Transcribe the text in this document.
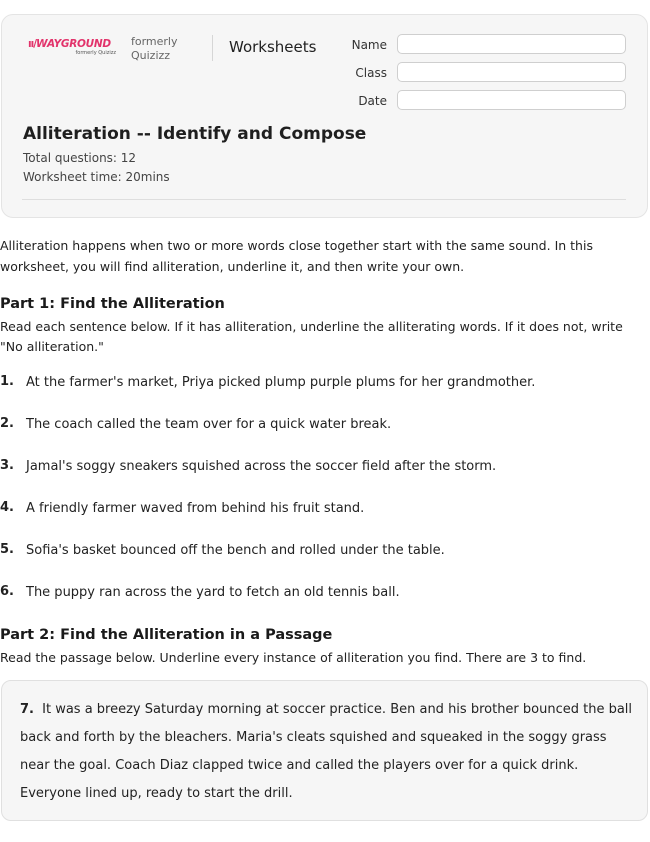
ıı/WAYGROUND
formerly Quizizz
formerly
Quizizz	Worksheets	Name
Class
Date
Alliteration -- Identify and Compose
Total questions: 12
Worksheet time: 20mins
Alliteration happens when two or more words close together start with the same sound. In this worksheet, you will find alliteration, underline it, and then write your own.
Part 1: Find the Alliteration
Read each sentence below. If it has alliteration, underline the alliterating words. If it does not, write "No alliteration."
1. At the farmer's market, Priya picked plump purple plums for her grandmother.
2. The coach called the team over for a quick water break.
3. Jamal's soggy sneakers squished across the soccer field after the storm.
4. A friendly farmer waved from behind his fruit stand.
5. Sofia's basket bounced off the bench and rolled under the table.
6. The puppy ran across the yard to fetch an old tennis ball.
Part 2: Find the Alliteration in a Passage
Read the passage below. Underline every instance of alliteration you find. There are 3 to find.
7. It was a breezy Saturday morning at soccer practice. Ben and his brother bounced the ball back and forth by the bleachers. Maria's cleats squished and squeaked in the soggy grass near the goal. Coach Diaz clapped twice and called the players over for a quick drink. Everyone lined up, ready to start the drill.
